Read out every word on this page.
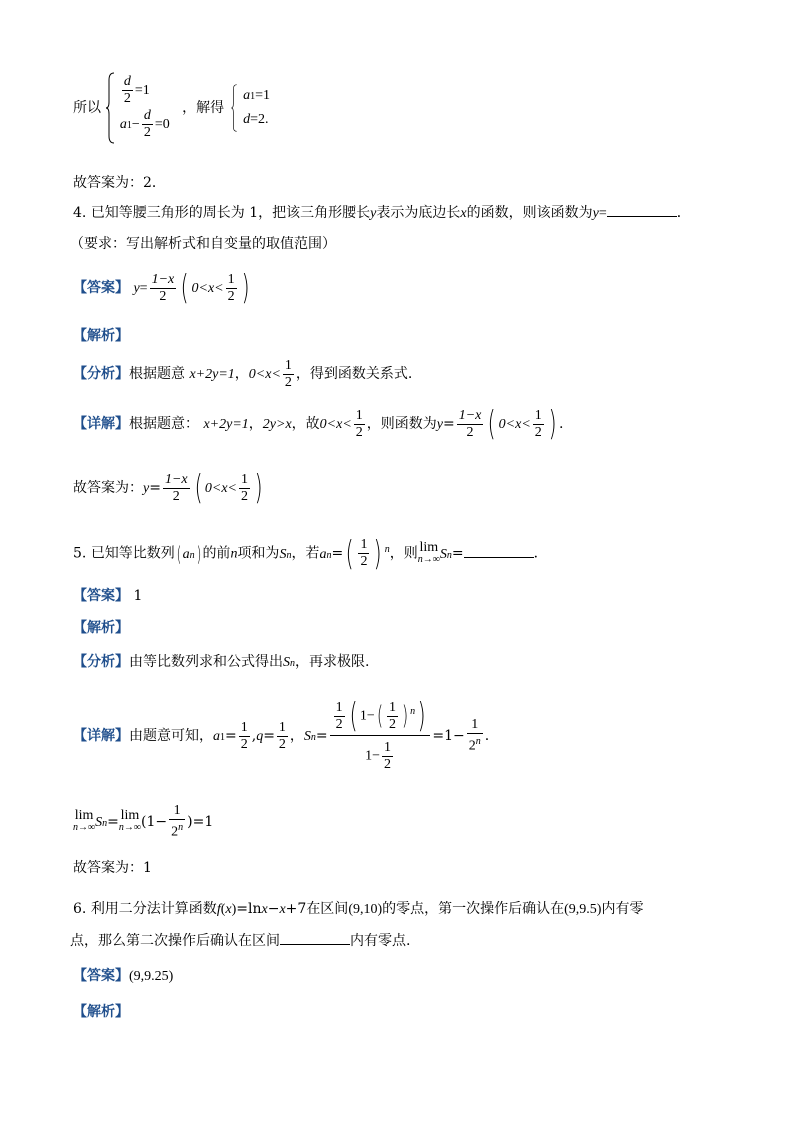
所以
$\frac{d}{2} =1$
$a1- \frac{d}{2} =0$
，解得
a1=1
d=2.
故答案为：2．
4. 已知等腰三角形的周长为 1，把该三角形腰长y表示为底边长x的函数，则该函数为y=	．
（要求：写出解析式和自变量的取值范围）
【答案】 $y= \frac{1-x}{2}$ ( $0<x< \frac{1}{2}$ )
【解析】
【分析】根据题意 x+2y=1，$0<x< \frac{1}{2}$ ，得到函数关系式.
【详解】根据题意： x+2y=1，2y>x，故$0<x< \frac{1}{2}$ ，则函数为$y= \frac{1-x}{2}$ ( $0<x< \frac{1}{2}$ ) .
故答案为：$y= \frac{1-x}{2}$ ( $0<x< \frac{1}{2}$ )
5. 已知等比数列( an) 的前n项和为Sn，若$an=( \frac{1}{2}$ ) $^n$，则 lim
n→∞ Sn=	．
【答案】 1
【解析】
【分析】由等比数列求和公式得出Sn，再求极限.
【详解】由题意可知，$a1= \frac{1}{2} ,q= \frac{1}{2}$ ，$Sn= \frac{\frac{1}{2} ( 1-( \frac{1}{2} ) ^n)}{1- \frac{1}{2}} =1- \frac{1}{2^n}$ .
lim
n→∞ Sn= lim
n→∞ $(1- \frac{1}{2^n} )=1$
故答案为：1
6. 利用二分法计算函数f(x)=lnx−x+7在区间(9,10)的零点，第一次操作后确认在(9,9.5)内有零
点，那么第二次操作后确认在区间	内有零点.
【答案】(9,9.25)
【解析】
